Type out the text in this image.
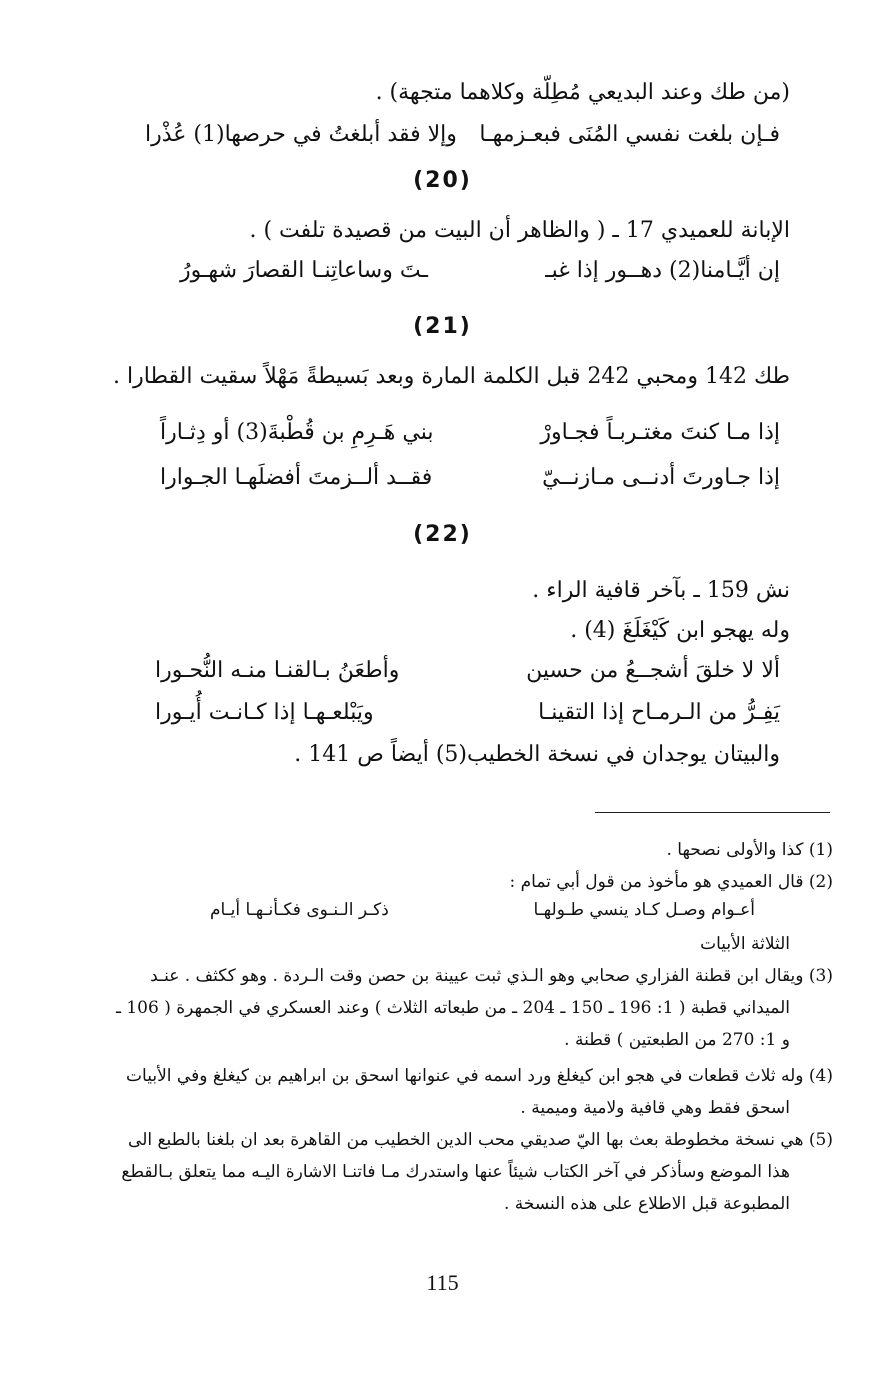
(من طك وعند البديعي مُطِلّة وكلاهما متجهة) .
فـإن بلغت نفسي المُنَى فبعـزمهـا
وإلا فقد أبلغتُ في حرصها(1) عُذْرا
(20)
الإبانة للعميدي 17 ـ ( والظاهر أن البيت من قصيدة تلفت ) .
إن أيَّـامنا(2) دهــور إذا غبـ
ـتَ وساعاتِنـا القصارَ شهـورُ
(21)
طك 142 ومحبي 242 قبل الكلمة المارة وبعد بَسيطةً مَهْلاً سقيت القطارا .
إذا مـا كنتَ مغتـربـاً فجـاورْ
بني هَـرِمِ بن قُطْبةَ(3) أو دِثـاراً
إذا جـاورتَ أدنــى مـازنــيّ
فقــد ألــزمتَ أفضلَهـا الجـوارا
(22)
نش 159 ـ بآخر قافية الراء .
وله يهجو ابن كَيْغَلَغَ (4) .
ألا لا خلقَ أشجــعُ من حسين
وأطعَنُ بـالقنـا منـه النُّحـورا
يَفِـرُّ من الـرمـاح إذا التقينـا
ويَبْلعـهـا إذا كـانـت أُيـورا
والبيتان يوجدان في نسخة الخطيب(5) أيضاً ص 141 .
(1) كذا والأولى نصحها .
(2) قال العميدي هو مأخوذ من قول أبي تمام :
أعـوام وصـل كـاد ينسي طـولهـا
ذكـر الـنـوى فكـأنـهـا أيـام
الثلاثة الأبيات
(3) ويقال ابن قطنة الفزاري صحابي وهو الـذي ثبت عيينة بن حصن وقت الـردة . وهو ككثف . عنـد
الميداني قطبة ( 1: 196 ـ 150 ـ 204 ـ من طبعاته الثلاث ) وعند العسكري في الجمهرة ( 106 ـ
و 1: 270 من الطبعتين ) قطنة .
(4) وله ثلاث قطعات في هجو ابن كيغلغ ورد اسمه في عنوانها اسحق بن ابراهيم بن كيغلغ وفي الأبيات
اسحق فقط وهي قافية ولامية وميمية .
(5) هي نسخة مخطوطة بعث بها اليّ صديقي محب الدين الخطيب من القاهرة بعد ان بلغنا بالطبع الى
هذا الموضع وسأذكر في آخر الكتاب شيئاً عنها واستدرك مـا فاتنـا الاشارة اليـه مما يتعلق بـالقطع
المطبوعة قبل الاطلاع على هذه النسخة .
115
